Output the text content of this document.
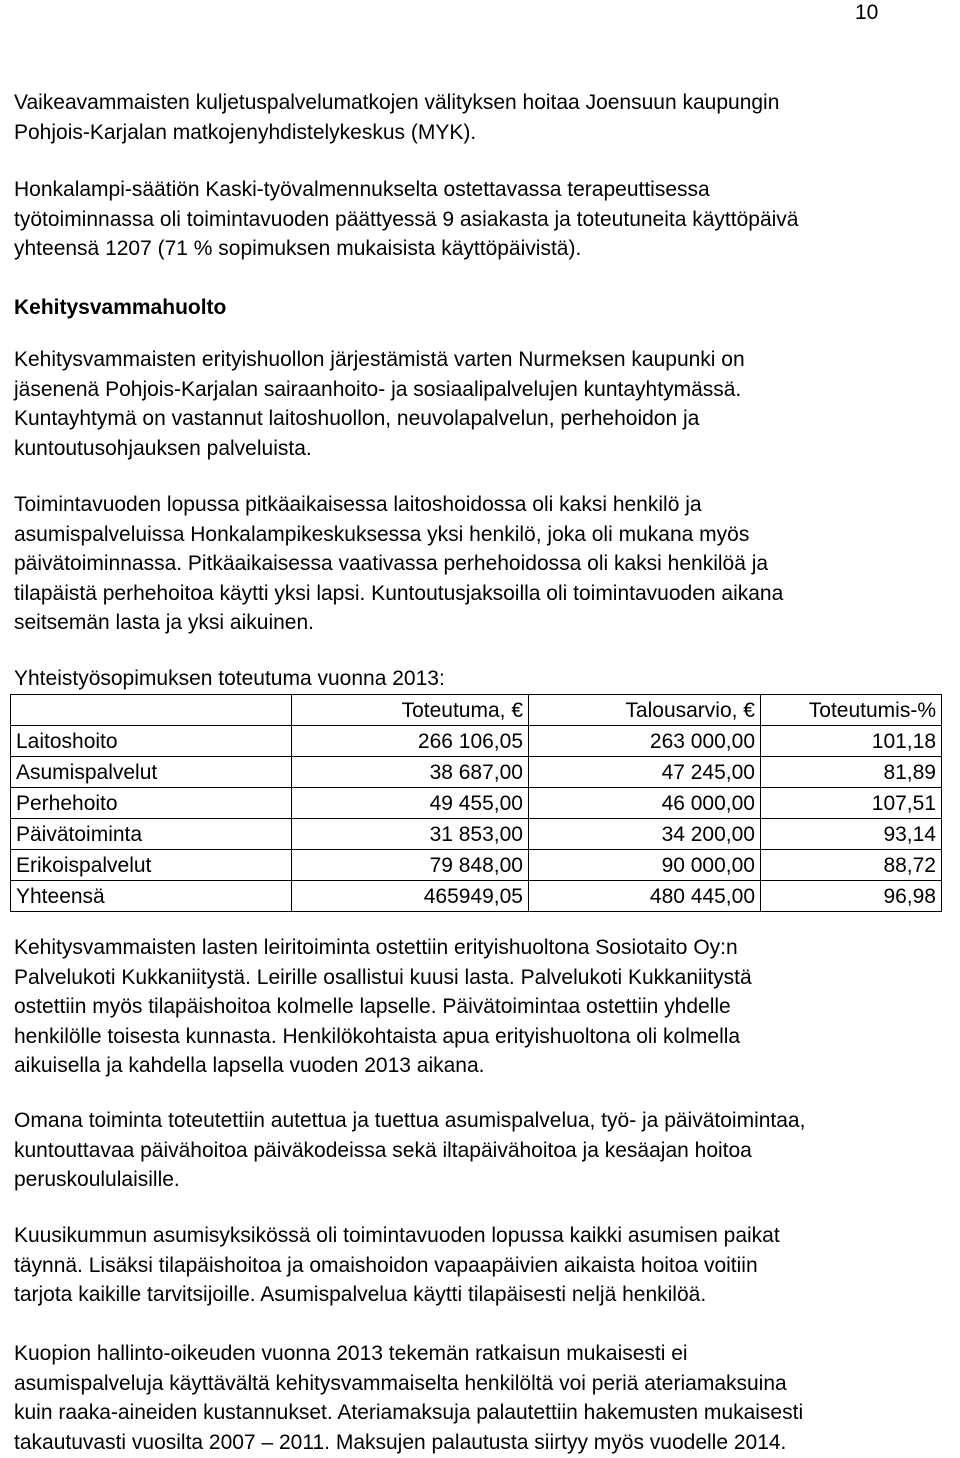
10

Vaikeavammaisten kuljetuspalvelumatkojen välityksen hoitaa Joensuun kaupungin
Pohjois-Karjalan matkojenyhdistelykeskus (MYK).

Honkalampi-säätiön Kaski-työvalmennukselta ostettavassa terapeuttisessa
työtoiminnassa oli toimintavuoden päättyessä 9 asiakasta ja toteutuneita käyttöpäivä
yhteensä 1207 (71 % sopimuksen mukaisista käyttöpäivistä).

Kehitysvammahuolto

Kehitysvammaisten erityishuollon järjestämistä varten Nurmeksen kaupunki on
jäsenenä Pohjois-Karjalan sairaanhoito- ja sosiaalipalvelujen kuntayhtymässä.
Kuntayhtymä on vastannut laitoshuollon, neuvolapalvelun, perhehoidon ja
kuntoutusohjauksen palveluista.

Toimintavuoden lopussa pitkäaikaisessa laitoshoidossa oli kaksi henkilö ja
asumispalveluissa Honkalampikeskuksessa yksi henkilö, joka oli mukana myös
päivätoiminnassa. Pitkäaikaisessa vaativassa perhehoidossa oli kaksi henkilöä ja
tilapäistä perhehoitoa käytti yksi lapsi. Kuntoutusjaksoilla oli toimintavuoden aikana
seitsemän lasta ja yksi aikuinen.

Yhteistyösopimuksen toteutuma vuonna 2013:

	Toteutuma, €	Talousarvio, €	Toteutumis-%
Laitoshoito	266 106,05	263 000,00	101,18
Asumispalvelut	38 687,00	47 245,00	81,89
Perhehoito	49 455,00	46 000,00	107,51
Päivätoiminta	31 853,00	34 200,00	93,14
Erikoispalvelut	79 848,00	90 000,00	88,72
Yhteensä	465949,05	480 445,00	96,98

Kehitysvammaisten lasten leiritoiminta ostettiin erityishuoltona Sosiotaito Oy:n
Palvelukoti Kukkaniitystä. Leirille osallistui kuusi lasta. Palvelukoti Kukkaniitystä
ostettiin myös tilapäishoitoa kolmelle lapselle. Päivätoimintaa ostettiin yhdelle
henkilölle toisesta kunnasta. Henkilökohtaista apua erityishuoltona oli kolmella
aikuisella ja kahdella lapsella vuoden 2013 aikana.

Omana toiminta toteutettiin autettua ja tuettua asumispalvelua, työ- ja päivätoimintaa,
kuntouttavaa päivähoitoa päiväkodeissa sekä iltapäivähoitoa ja kesäajan hoitoa
peruskoululaisille.

Kuusikummun asumisyksikössä oli toimintavuoden lopussa kaikki asumisen paikat
täynnä. Lisäksi tilapäishoitoa ja omaishoidon vapaapäivien aikaista hoitoa voitiin
tarjota kaikille tarvitsijoille. Asumispalvelua käytti tilapäisesti neljä henkilöä.

Kuopion hallinto-oikeuden vuonna 2013 tekemän ratkaisun mukaisesti ei
asumispalveluja käyttävältä kehitysvammaiselta henkilöltä voi periä ateriamaksuina
kuin raaka-aineiden kustannukset. Ateriamaksuja palautettiin hakemusten mukaisesti
takautuvasti vuosilta 2007 – 2011. Maksujen palautusta siirtyy myös vuodelle 2014.
